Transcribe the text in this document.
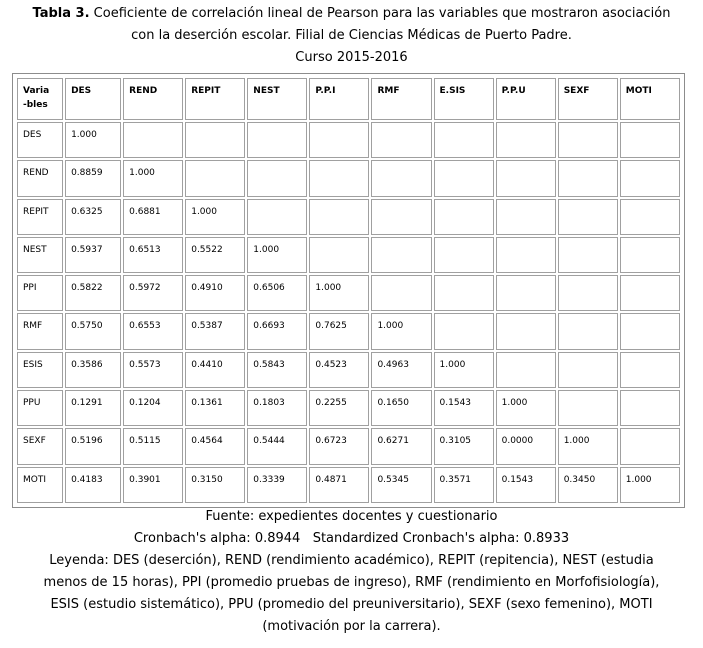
Tabla 3. Coeficiente de correlación lineal de Pearson para las variables que mostraron asociación
con la deserción escolar. Filial de Ciencias Médicas de Puerto Padre.
Curso 2015-2016
Varia
-bles	DES	REND	REPIT	NEST	P.P.I	RMF	E.SIS	P.P.U	SEXF	MOTI
DES	1.000									
REND	0.8859	1.000								
REPIT	0.6325	0.6881	1.000							
NEST	0.5937	0.6513	0.5522	1.000						
PPI	0.5822	0.5972	0.4910	0.6506	1.000					
RMF	0.5750	0.6553	0.5387	0.6693	0.7625	1.000				
ESIS	0.3586	0.5573	0.4410	0.5843	0.4523	0.4963	1.000			
PPU	0.1291	0.1204	0.1361	0.1803	0.2255	0.1650	0.1543	1.000		
SEXF	0.5196	0.5115	0.4564	0.5444	0.6723	0.6271	0.3105	0.0000	1.000	
MOTI	0.4183	0.3901	0.3150	0.3339	0.4871	0.5345	0.3571	0.1543	0.3450	1.000
Fuente: expedientes docentes y cuestionario
Cronbach's alpha: 0.8944   Standardized Cronbach's alpha: 0.8933
Leyenda: DES (deserción), REND (rendimiento académico), REPIT (repitencia), NEST (estudia
menos de 15 horas), PPI (promedio pruebas de ingreso), RMF (rendimiento en Morfofisiología),
ESIS (estudio sistemático), PPU (promedio del preuniversitario), SEXF (sexo femenino), MOTI
(motivación por la carrera).
